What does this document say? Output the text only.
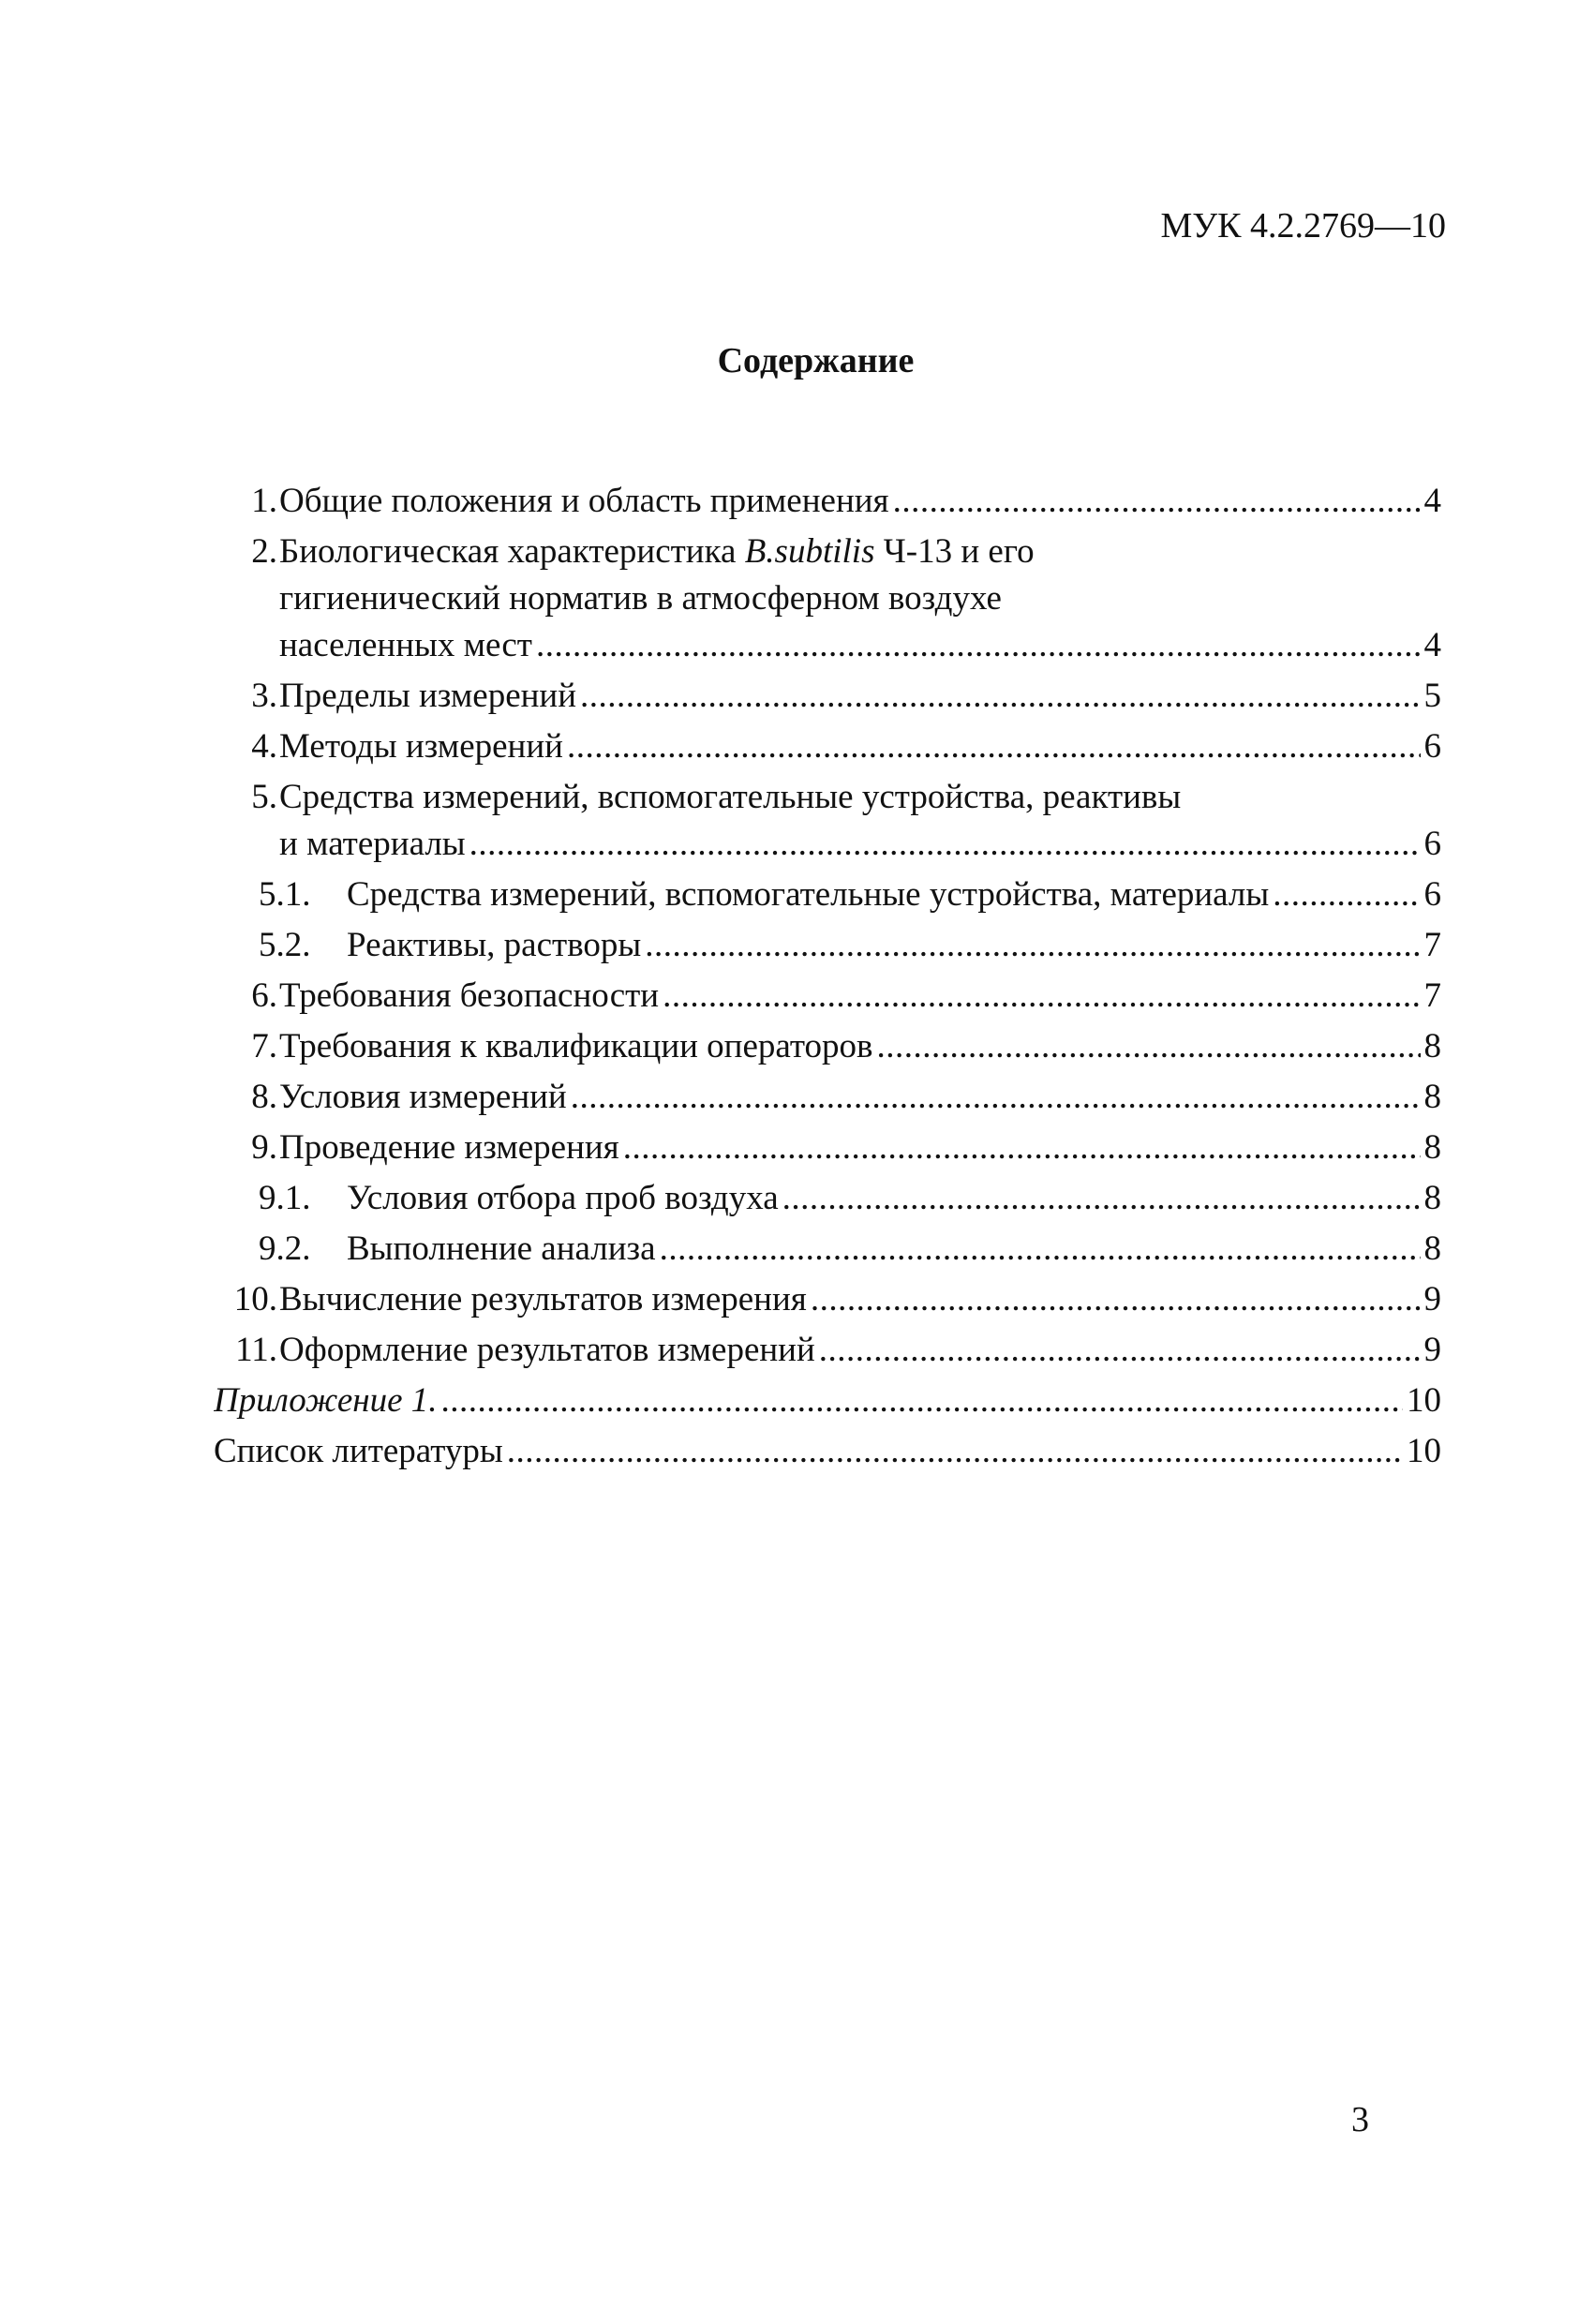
МУК 4.2.2769—10
Содержание
1. Общие положения и область применения .....	4
2. Биологическая характеристика B.subtilis Ч-13 и его
гигиенический норматив в атмосферном воздухе
населенных мест .....	4
3. Пределы измерений .....	5
4. Методы измерений .....	6
5. Средства измерений, вспомогательные устройства, реактивы
и материалы .....	6
5.1.	Средства измерений, вспомогательные устройства, материалы .....	6
5.2.	Реактивы, растворы .....	7
6. Требования безопасности .....	7
7. Требования к квалификации операторов .....	8
8. Условия измерений .....	8
9. Проведение измерения .....	8
9.1.	Условия отбора проб воздуха .....	8
9.2.	Выполнение анализа .....	8
10. Вычисление результатов измерения .....	9
11. Оформление результатов измерений .....	9
Приложение 1. .....	10
Список литературы .....	10
3
